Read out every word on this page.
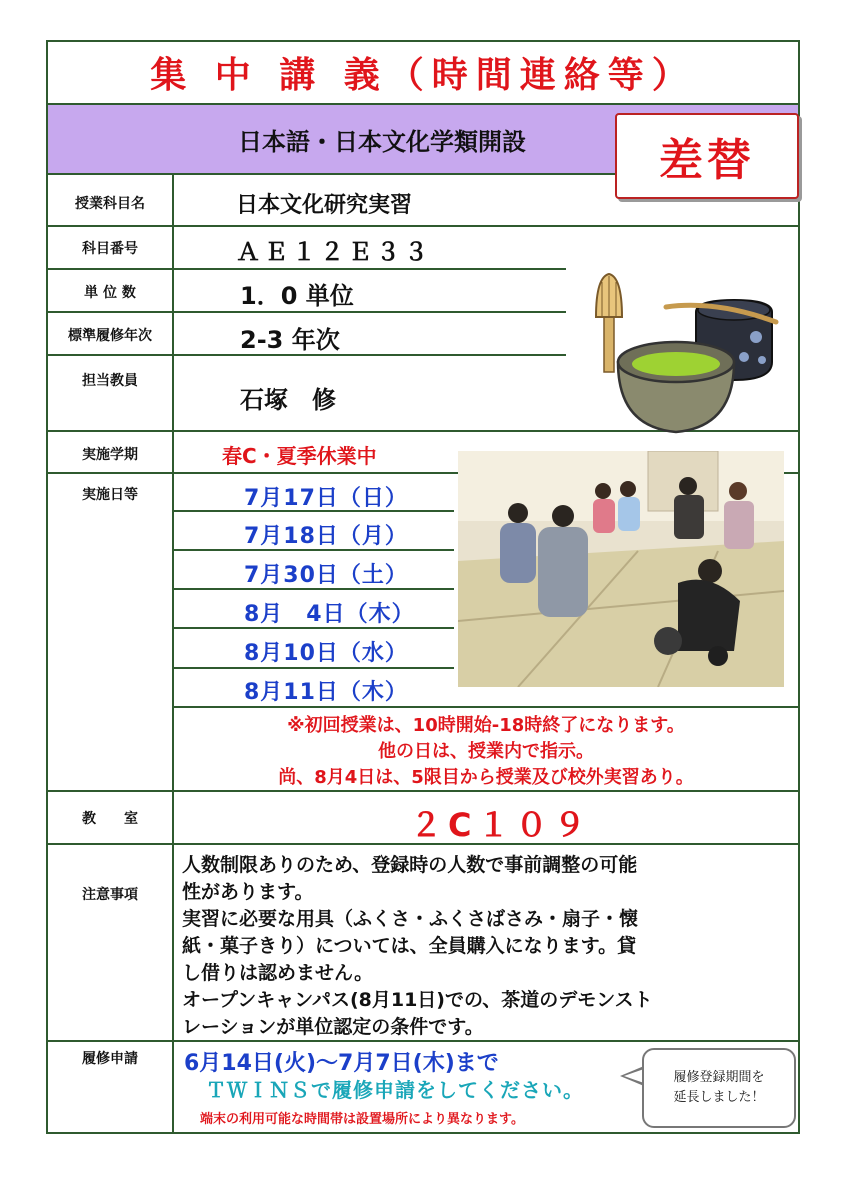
集 中 講 義（時間連絡等）
日本語・日本文化学類開設	差替
授業科目名
科目番号
単 位 数
標準履修年次
担当教員
実施学期
実施日等
教　　室
注意事項
履修申請
日本文化研究実習
ＡＥ１２Ｅ３３
1．0 単位
2-3 年次
石塚　修
春C・夏季休業中
7月17日（日）
7月18日（月）
7月30日（土）
8月　4日（木）
8月10日（水）
8月11日（木）
※初回授業は、10時開始-18時終了になります。
他の日は、授業内で指示。
尚、8月4日は、5限目から授業及び校外実習あり。
２C１０９
人数制限ありのため、登録時の人数で事前調整の可能
性があります。
実習に必要な用具（ふくさ・ふくさばさみ・扇子・懐
紙・菓子きり）については、全員購入になります。貸
し借りは認めません。
オープンキャンパス(8月11日)での、茶道のデモンスト
レーションが単位認定の条件です。
6月14日(火)～7月7日(木)まで
ＴＷＩＮＳで履修申請をしてください。
端末の利用可能な時間帯は設置場所により異なります。
履修登録期間を
延長しました！
